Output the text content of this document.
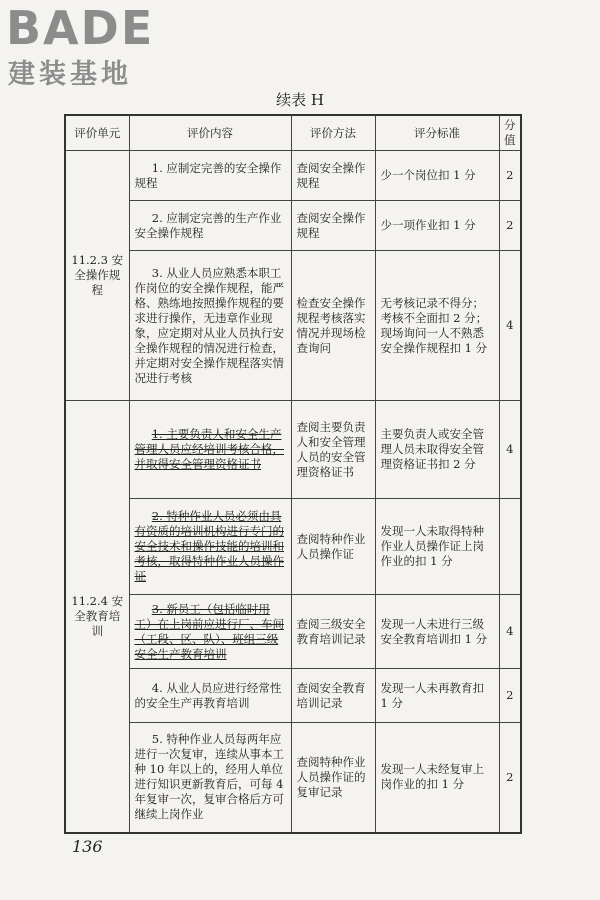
BADE
建装基地
续表 H
评价单元	评价内容	评价方法	评分标准	分值
11.2.3 安全操作规程	1. 应制定完善的安全操作规程	查阅安全操作规程	少一个岗位扣 1 分	2
	2. 应制定完善的生产作业安全操作规程	查阅安全操作规程	少一项作业扣 1 分	2
	3. 从业人员应熟悉本职工作岗位的安全操作规程，能严格、熟练地按照操作规程的要求进行操作，无违章作业现象，应定期对从业人员执行安全操作规程的情况进行检查，并定期对安全操作规程落实情况进行考核	检查安全操作规程考核落实情况并现场检查询问	无考核记录不得分；考核不全面扣 2 分；现场询问一人不熟悉安全操作规程扣 1 分	4
11.2.4 安全教育培训	1. 主要负责人和安全生产管理人员应经培训考核合格，并取得安全管理资格证书	查阅主要负责人和安全管理人员的安全管理资格证书	主要负责人或安全管理人员未取得安全管理资格证书扣 2 分	4
	2. 特种作业人员必须由具有资质的培训机构进行专门的安全技术和操作技能的培训和考核，取得特种作业人员操作证	查阅特种作业人员操作证	发现一人未取得特种作业人员操作证上岗作业的扣 1 分	
	3. 新员工（包括临时用工）在上岗前应进行厂、车间（工段、区、队）、班组三级安全生产教育培训	查阅三级安全教育培训记录	发现一人未进行三级安全教育培训扣 1 分	4
	4. 从业人员应进行经常性的安全生产再教育培训	查阅安全教育培训记录	发现一人未再教育扣 1 分	2
	5. 特种作业人员每两年应进行一次复审，连续从事本工种 10 年以上的，经用人单位进行知识更新教育后，可每 4 年复审一次，复审合格后方可继续上岗作业	查阅特种作业人员操作证的复审记录	发现一人未经复审上岗作业的扣 1 分	2
136
